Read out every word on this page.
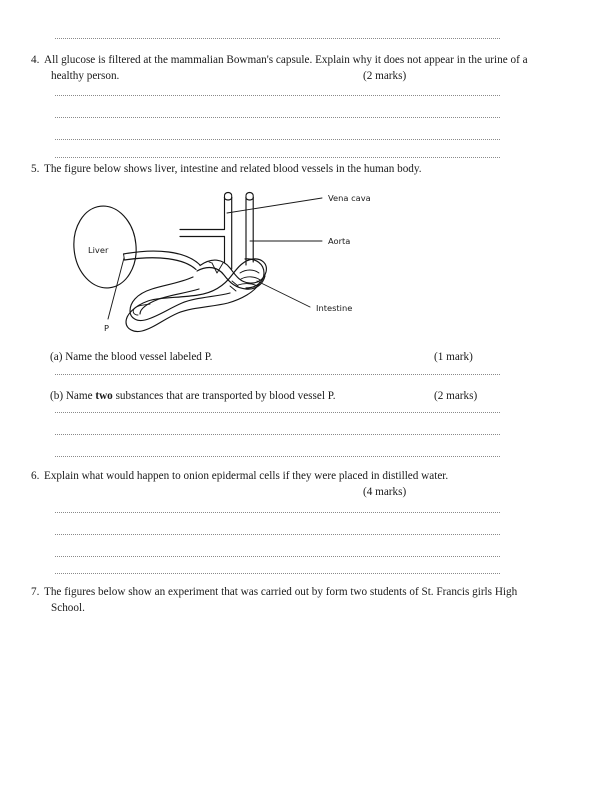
4. All glucose is filtered at the mammalian Bowman's capsule. Explain why it does not appear in the urine of a
healthy person.	(2 marks)
5. The figure below shows liver, intestine and related blood vessels in the human body.
Vena cava
Aorta
Intestine
Liver
P
(a) Name the blood vessel labeled P.	(1 mark)
(b) Name two substances that are transported by blood vessel P.	(2 marks)
6. Explain what would happen to onion epidermal cells if they were placed in distilled water.
(4 marks)
7. The figures below show an experiment that was carried out by form two students of St. Francis girls High
School.
